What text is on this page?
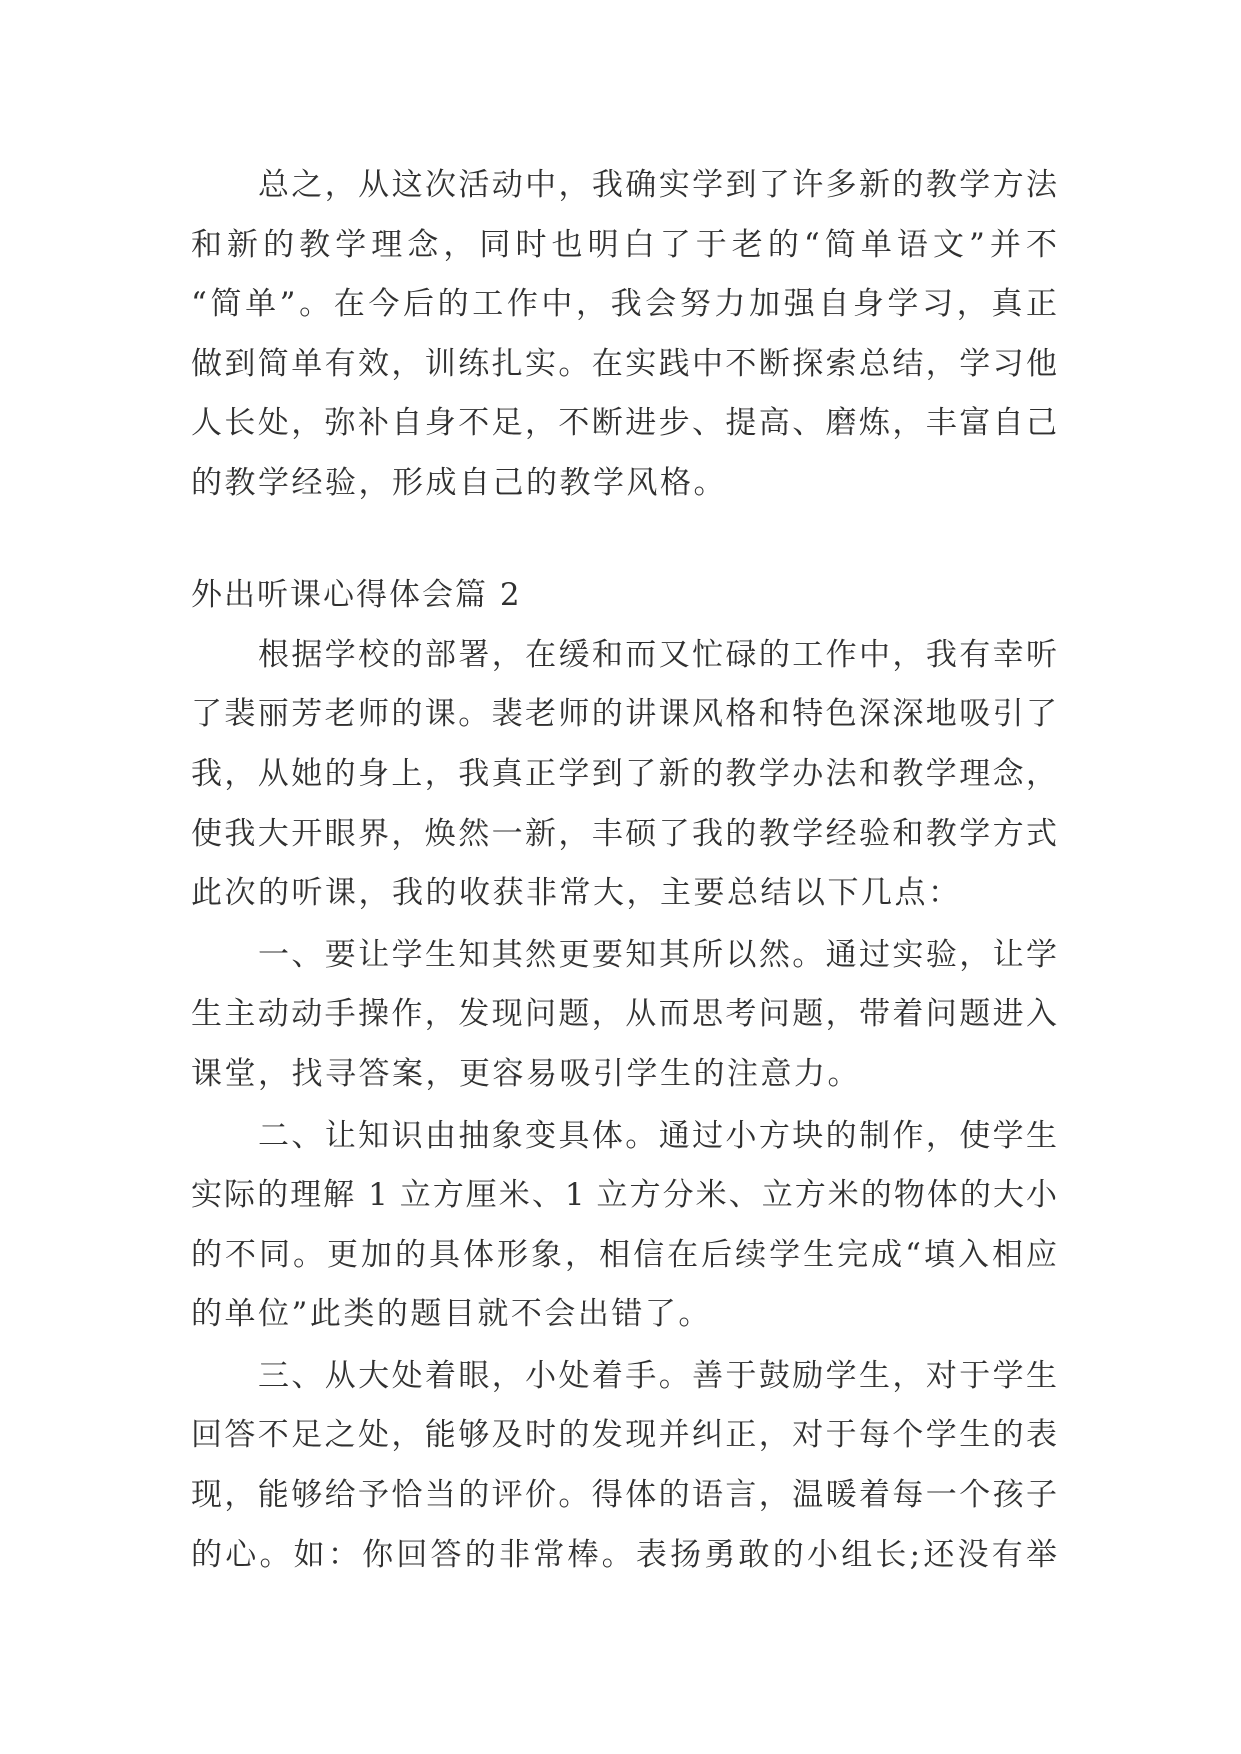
总之，从这次活动中，我确实学到了许多新的教学方法
和新的教学理念，同时也明白了于老的“简单语文”并不
“简单”。在今后的工作中，我会努力加强自身学习，真正
做到简单有效，训练扎实。在实践中不断探索总结，学习他
人长处，弥补自身不足，不断进步、提高、磨炼，丰富自己
的教学经验，形成自己的教学风格。
外出听课心得体会篇 2
根据学校的部署，在缓和而又忙碌的工作中，我有幸听
了裴丽芳老师的课。裴老师的讲课风格和特色深深地吸引了
我，从她的身上，我真正学到了新的教学办法和教学理念，
使我大开眼界，焕然一新，丰硕了我的教学经验和教学方式
此次的听课，我的收获非常大，主要总结以下几点：
一、要让学生知其然更要知其所以然。通过实验，让学
生主动动手操作，发现问题，从而思考问题，带着问题进入
课堂，找寻答案，更容易吸引学生的注意力。
二、让知识由抽象变具体。通过小方块的制作，使学生
实际的理解 1 立方厘米、1 立方分米、立方米的物体的大小
的不同。更加的具体形象，相信在后续学生完成“填入相应
的单位”此类的题目就不会出错了。
三、从大处着眼，小处着手。善于鼓励学生，对于学生
回答不足之处，能够及时的发现并纠正，对于每个学生的表
现，能够给予恰当的评价。得体的语言，温暖着每一个孩子
的心。如：你回答的非常棒。表扬勇敢的小组长;还没有举
